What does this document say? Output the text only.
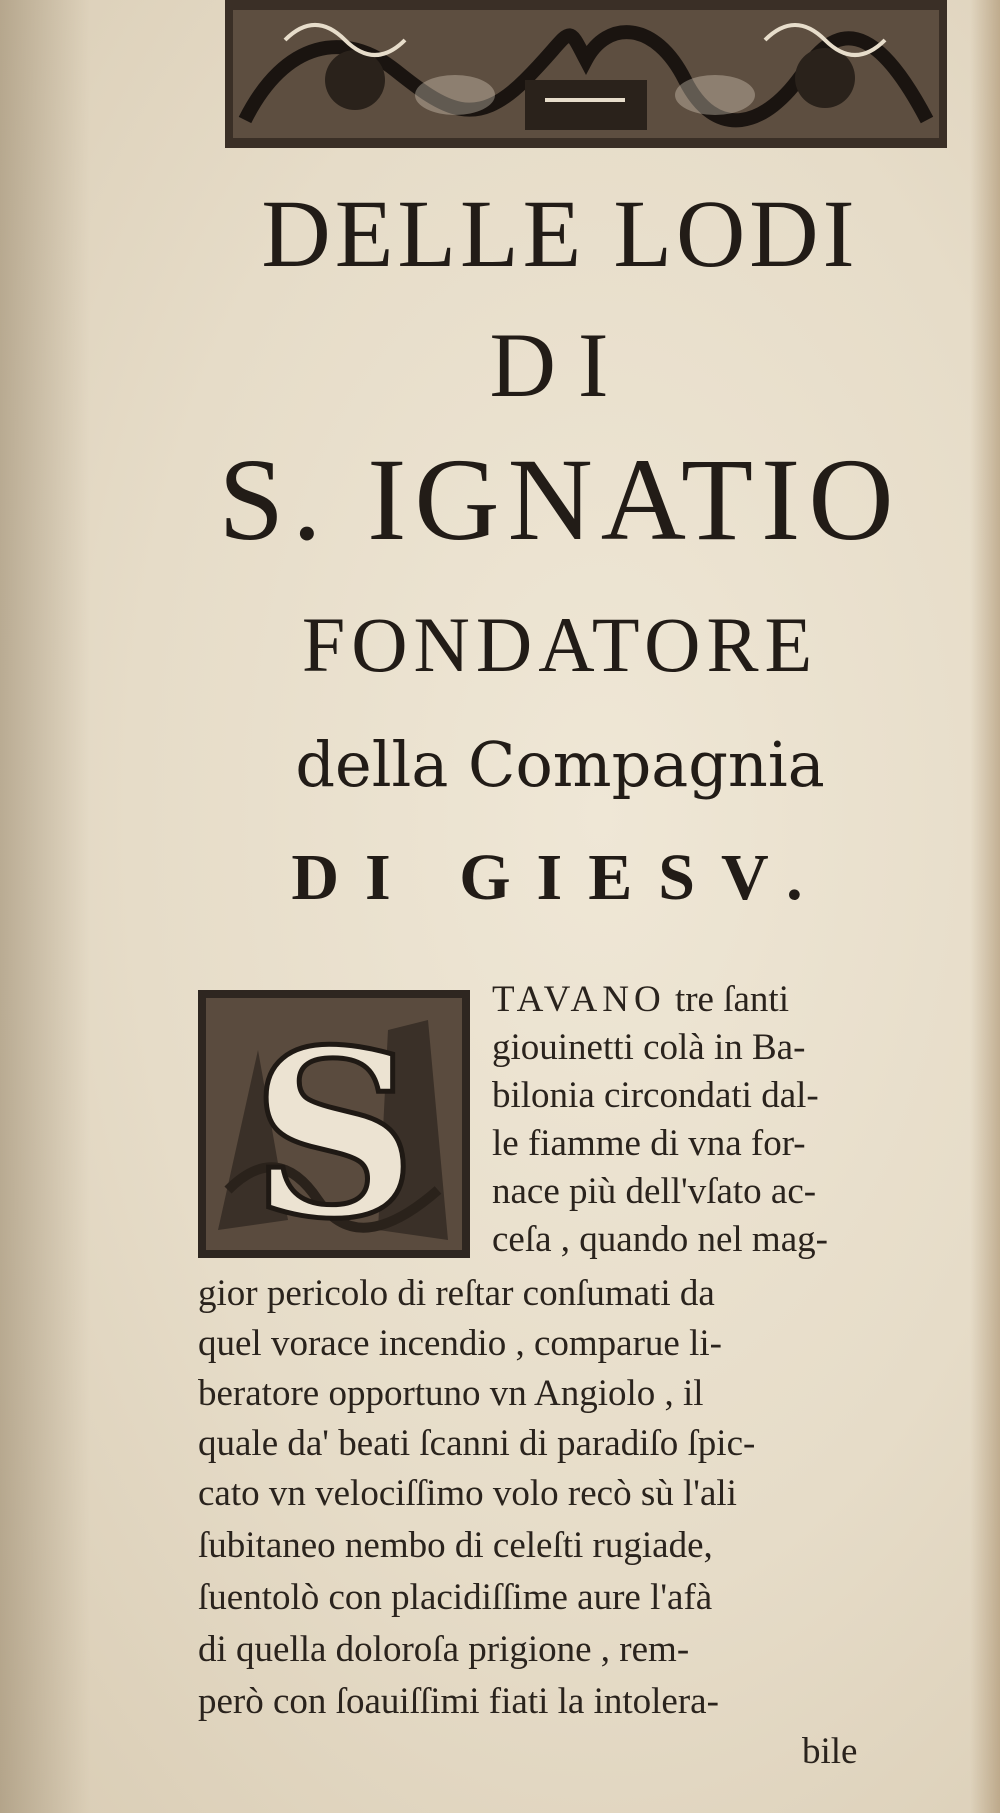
DELLE LODI
DI
S. IGNATIO
FONDATORE
della Compagnia
DI GIESV.
S
TAVANO tre ſanti
giouinetti colà in Ba-
bilonia circondati dal-
le fiamme di vna for-
nace più dell'vſato ac-
ceſa , quando nel mag-
gior pericolo di reſtar conſumati da
quel vorace incendio , comparue li-
beratore opportuno vn Angiolo , il
quale da' beati ſcanni di paradiſo ſpic-
cato vn velociſſimo volo recò sù l'ali
ſubitaneo nembo di celeſti rugiade,
ſuentolò con placidiſſime aure l'afà
di quella doloroſa prigione , rem-
però con ſoauiſſimi fiati la intolera-
bile
